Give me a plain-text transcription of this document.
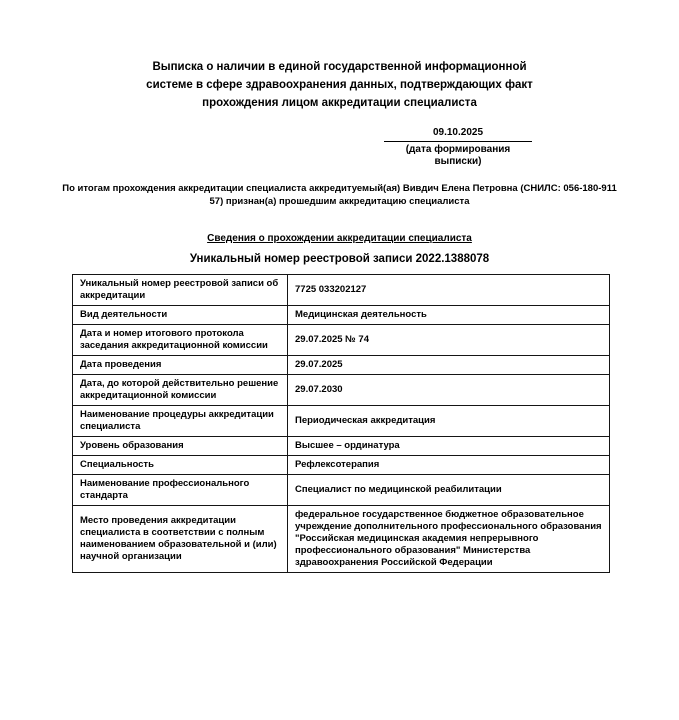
Выписка о наличии в единой государственной информационной
системе в сфере здравоохранения данных, подтверждающих факт
прохождения лицом аккредитации специалиста
09.10.2025
(дата формирования выписки)
По итогам прохождения аккредитации специалиста аккредитуемый(ая) Вивдич Елена Петровна (СНИЛС: 056-180-911
57) признан(а) прошедшим аккредитацию специалиста
Сведения о прохождении аккредитации специалиста
Уникальный номер реестровой записи 2022.1388078
Уникальный номер реестровой записи об аккредитации	7725 033202127
Вид деятельности	Медицинская деятельность
Дата и номер итогового протокола заседания аккредитационной комиссии	29.07.2025 № 74
Дата проведения	29.07.2025
Дата, до которой действительно решение аккредитационной комиссии	29.07.2030
Наименование процедуры аккредитации специалиста	Периодическая аккредитация
Уровень образования	Высшее – ординатура
Специальность	Рефлексотерапия
Наименование профессионального стандарта	Специалист по медицинской реабилитации
Место проведения аккредитации специалиста в соответствии с полным наименованием образовательной и (или) научной организации	федеральное государственное бюджетное образовательное учреждение дополнительного профессионального образования "Российская медицинская академия непрерывного профессионального образования" Министерства здравоохранения Российской Федерации
